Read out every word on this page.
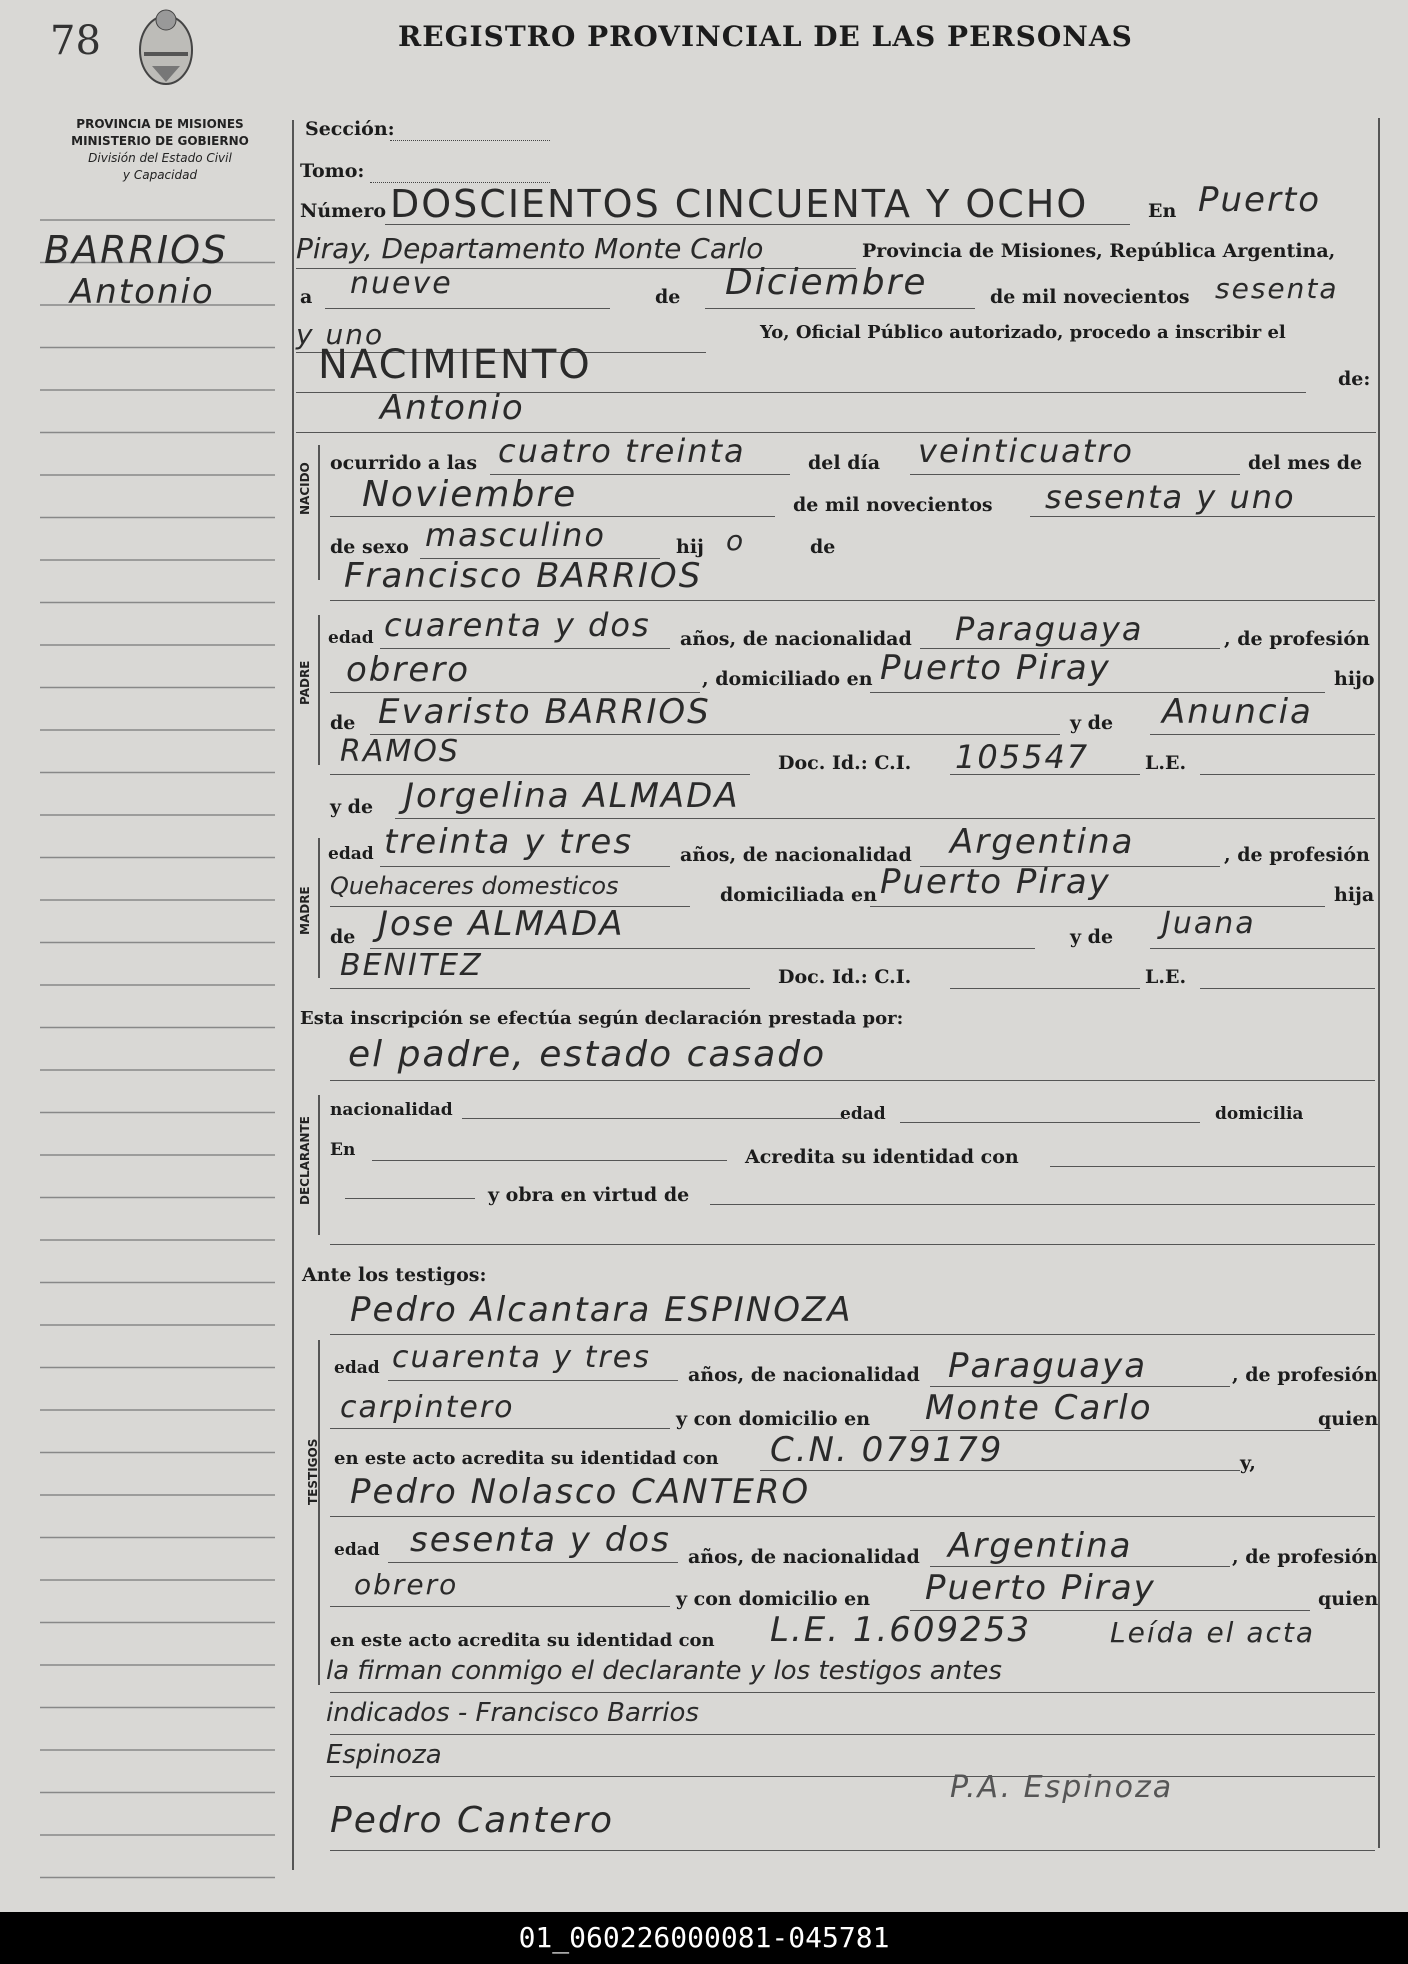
78	REGISTRO PROVINCIAL DE LAS PERSONAS
PROVINCIA DE MISIONES
MINISTERIO DE GOBIERNO
División del Estado Civil
y Capacidad
BARRIOS
Antonio
NACIDO
PADRE
MADRE
DECLARANTE
TESTIGOS
Sección:
Tomo:
Número DOSCIENTOS CINCUENTA Y OCHO	En Puerto
Piray, Departamento Monte Carlo	Provincia de Misiones, República Argentina,
a nueve	de Diciembre	de mil novecientos sesenta
y uno	Yo, Oficial Público autorizado, procedo a inscribir el
NACIMIENTO	de:
Antonio
ocurrido a las cuatro treinta	del día veinticuatro	del mes de
Noviembre	de mil novecientos sesenta y uno
de sexo masculino	hij o	de
Francisco BARRIOS
edad cuarenta y dos años, de nacionalidad Paraguaya	, de profesión
obrero	, domiciliado en Puerto Piray	hijo
de Evaristo BARRIOS	y de Anuncia
RAMOS	Doc. Id.: C.I. 105547	L.E.
y de Jorgelina ALMADA
edad treinta y tres años, de nacionalidad Argentina	, de profesión
Quehaceres domesticos	domiciliada en Puerto Piray	hija
de Jose ALMADA	y de Juana
BENITEZ	Doc. Id.: C.I.	L.E.
Esta inscripción se efectúa según declaración prestada por:
el padre, estado casado
nacionalidad	edad	domicilia
En	Acredita su identidad con
y obra en virtud de
Ante los testigos:
Pedro Alcantara ESPINOZA
edad cuarenta y tres años, de nacionalidad Paraguaya	, de profesión
carpintero	y con domicilio en Monte Carlo	quien
en este acto acredita su identidad con C.N. 079179	y,
Pedro Nolasco CANTERO
edad sesenta y dos años, de nacionalidad Argentina	, de profesión
obrero	y con domicilio en Puerto Piray	quien
en este acto acredita su identidad con L.E. 1.609253	Leída el acta
la firman conmigo el declarante y los testigos antes
indicados - Francisco Barrios
Espinoza
Pedro Cantero
P.A. Espinoza
01_060226000081-045781
